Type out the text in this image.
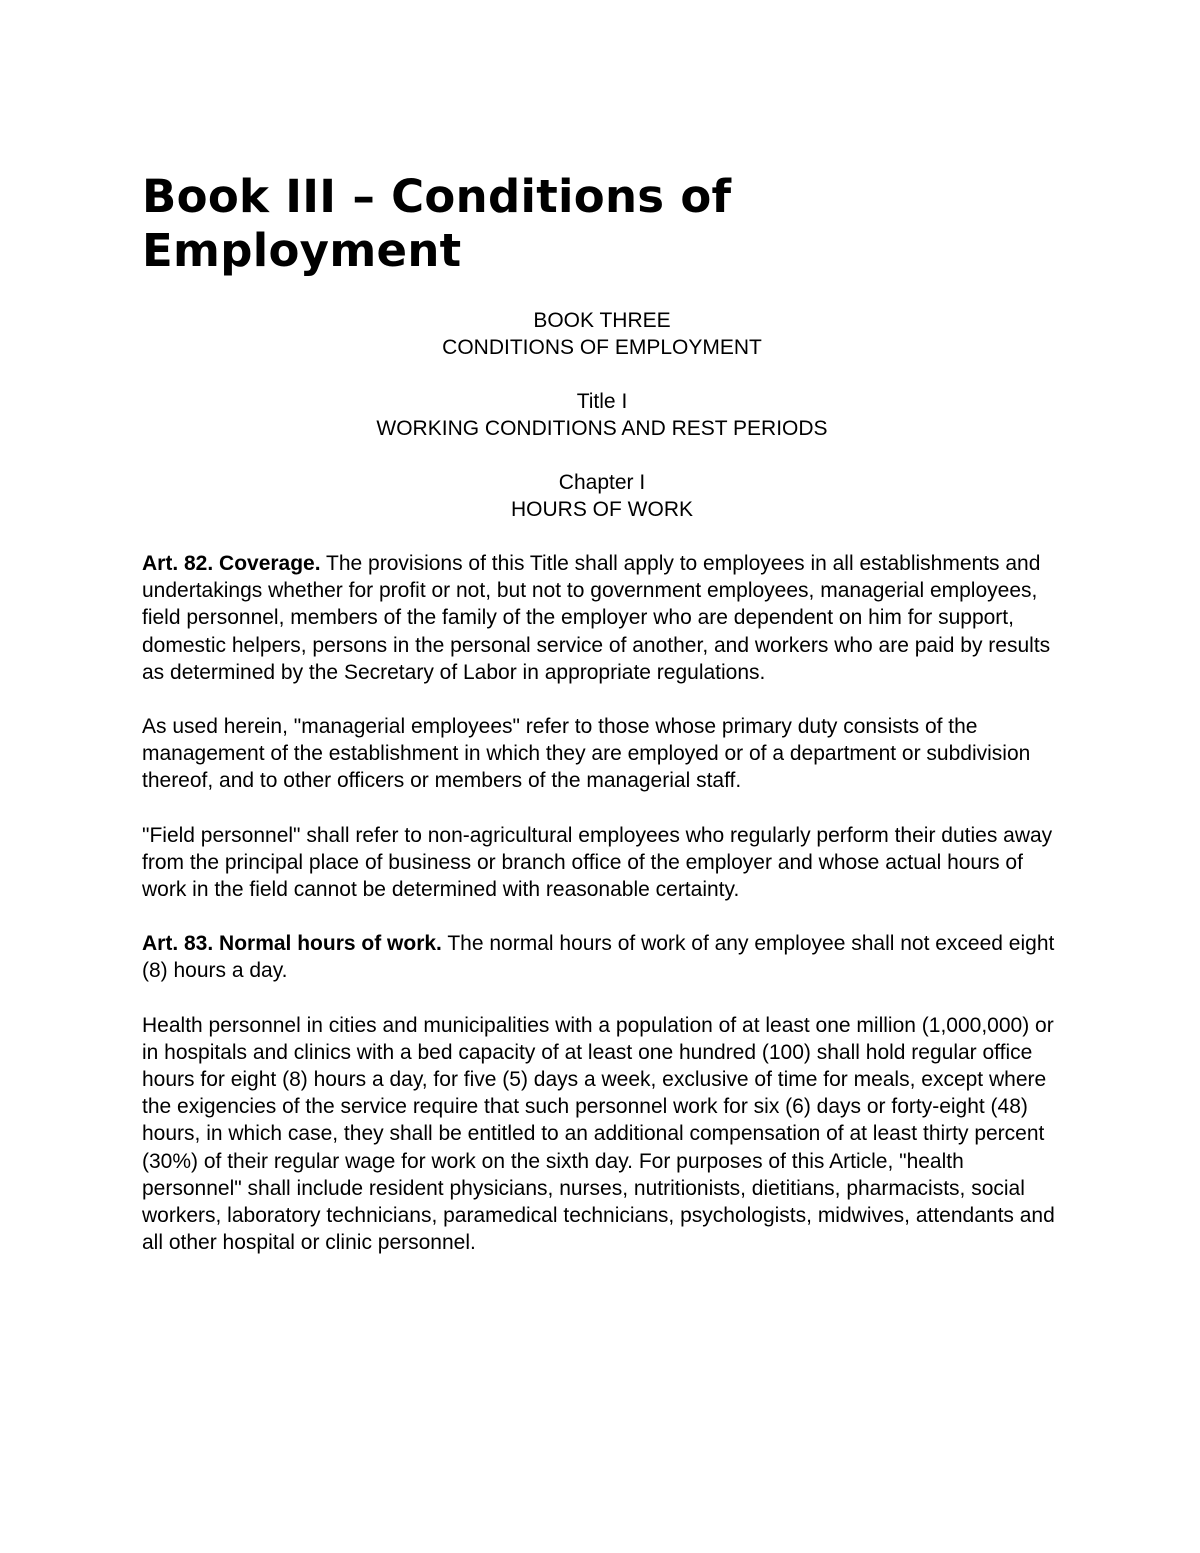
Book III – Conditions of Employment
BOOK THREE
CONDITIONS OF EMPLOYMENT
Title I
WORKING CONDITIONS AND REST PERIODS
Chapter I
HOURS OF WORK

Art. 82. Coverage. The provisions of this Title shall apply to employees in all establishments and undertakings whether for profit or not, but not to government employees, managerial employees, field personnel, members of the family of the employer who are dependent on him for support, domestic helpers, persons in the personal service of another, and workers who are paid by results as determined by the Secretary of Labor in appropriate regulations.

As used herein, "managerial employees" refer to those whose primary duty consists of the management of the establishment in which they are employed or of a department or subdivision thereof, and to other officers or members of the managerial staff.

"Field personnel" shall refer to non-agricultural employees who regularly perform their duties away from the principal place of business or branch office of the employer and whose actual hours of work in the field cannot be determined with reasonable certainty.

Art. 83. Normal hours of work. The normal hours of work of any employee shall not exceed eight (8) hours a day.

Health personnel in cities and municipalities with a population of at least one million (1,000,000) or in hospitals and clinics with a bed capacity of at least one hundred (100) shall hold regular office hours for eight (8) hours a day, for five (5) days a week, exclusive of time for meals, except where the exigencies of the service require that such personnel work for six (6) days or forty-eight (48) hours, in which case, they shall be entitled to an additional compensation of at least thirty percent (30%) of their regular wage for work on the sixth day. For purposes of this Article, "health personnel" shall include resident physicians, nurses, nutritionists, dietitians, pharmacists, social workers, laboratory technicians, paramedical technicians, psychologists, midwives, attendants and all other hospital or clinic personnel.
